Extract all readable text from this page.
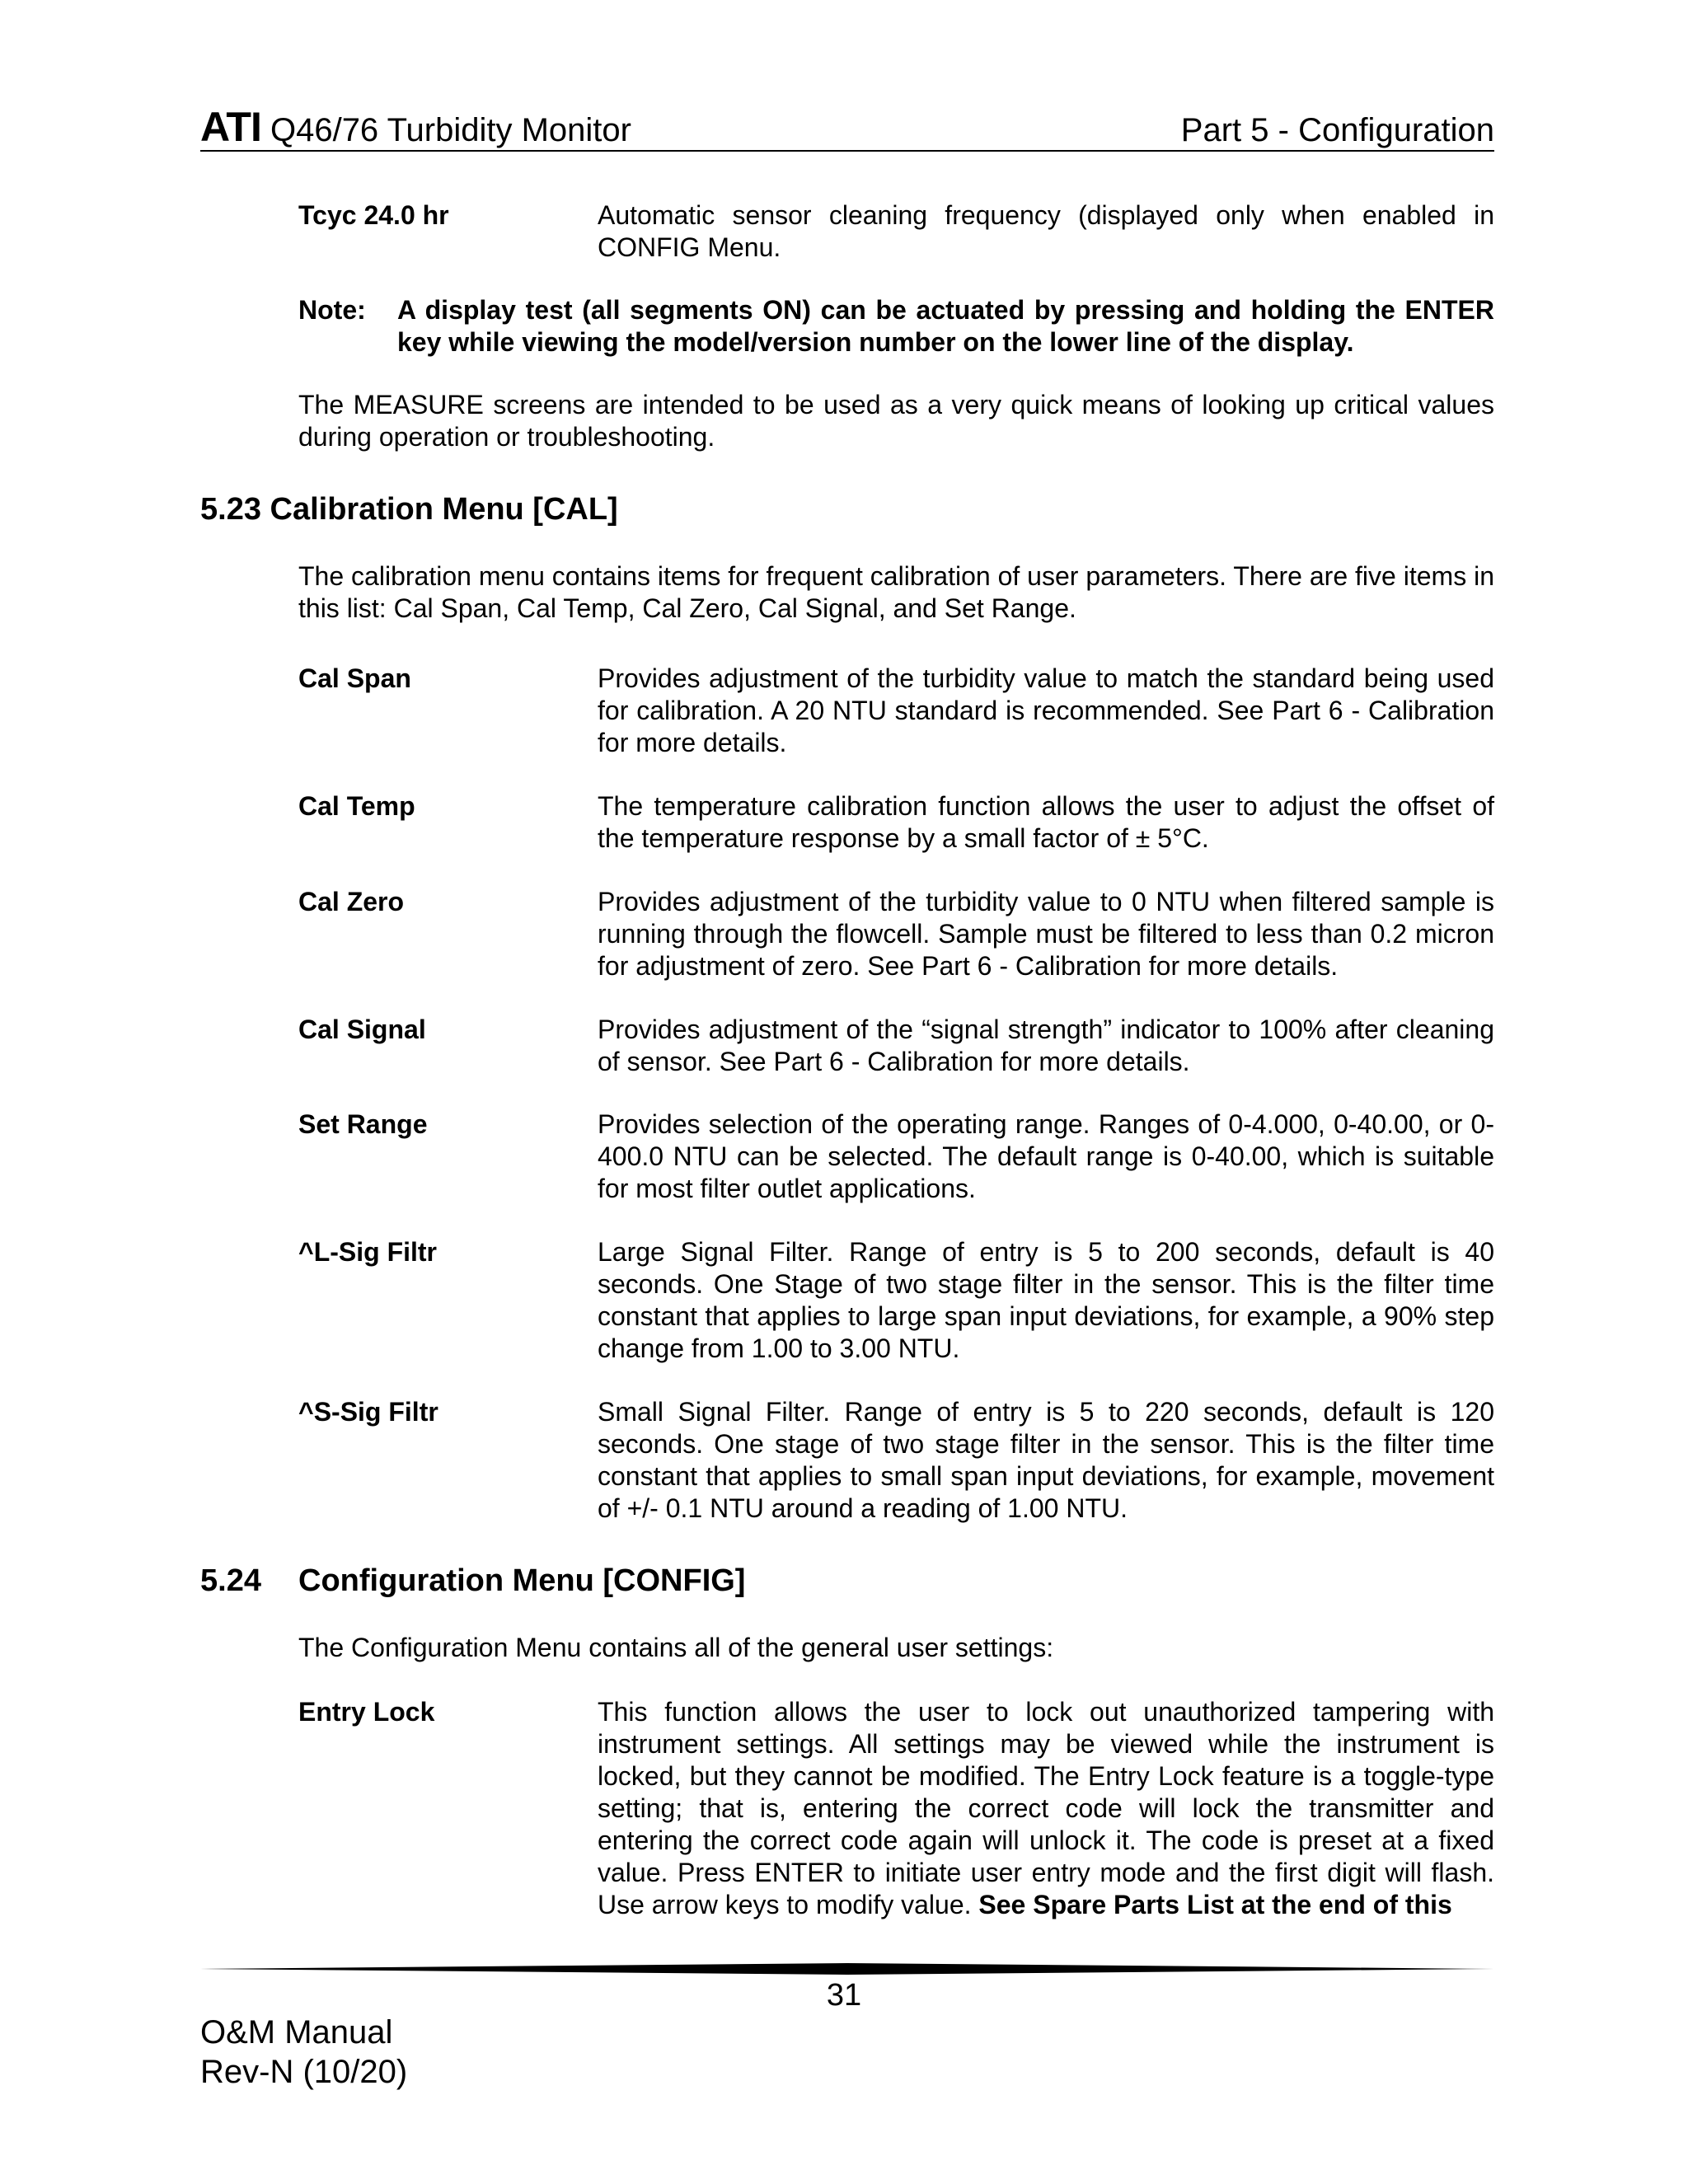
ATI Q46/76 Turbidity Monitor	Part 5 - Configuration
Tcyc 24.0 hr	Automatic sensor cleaning frequency (displayed only when enabled in CONFIG Menu.
Note: A display test (all segments ON) can be actuated by pressing and holding the ENTER key while viewing the model/version number on the lower line of the display.
The MEASURE screens are intended to be used as a very quick means of looking up critical values during operation or troubleshooting.
5.23 Calibration Menu [CAL]
The calibration menu contains items for frequent calibration of user parameters. There are five items in this list: Cal Span, Cal Temp, Cal Zero, Cal Signal, and Set Range.
Cal Span	Provides adjustment of the turbidity value to match the standard being used for calibration. A 20 NTU standard is recommended. See Part 6 - Calibration for more details.
Cal Temp	The temperature calibration function allows the user to adjust the offset of the temperature response by a small factor of ± 5°C.
Cal Zero	Provides adjustment of the turbidity value to 0 NTU when filtered sample is running through the flowcell. Sample must be filtered to less than 0.2 micron for adjustment of zero. See Part 6 - Calibration for more details.
Cal Signal	Provides adjustment of the “signal strength” indicator to 100% after cleaning of sensor. See Part 6 - Calibration for more details.
Set Range	Provides selection of the operating range. Ranges of 0-4.000, 0-40.00, or 0-400.0 NTU can be selected. The default range is 0-40.00, which is suitable for most filter outlet applications.
^L-Sig Filtr	Large Signal Filter. Range of entry is 5 to 200 seconds, default is 40 seconds. One Stage of two stage filter in the sensor. This is the filter time constant that applies to large span input deviations, for example, a 90% step change from 1.00 to 3.00 NTU.
^S-Sig Filtr	Small Signal Filter. Range of entry is 5 to 220 seconds, default is 120 seconds. One stage of two stage filter in the sensor. This is the filter time constant that applies to small span input deviations, for example, movement of +/- 0.1 NTU around a reading of 1.00 NTU.
5.24 Configuration Menu [CONFIG]
The Configuration Menu contains all of the general user settings:
Entry Lock	This function allows the user to lock out unauthorized tampering with instrument settings. All settings may be viewed while the instrument is locked, but they cannot be modified. The Entry Lock feature is a toggle-type setting; that is, entering the correct code will lock the transmitter and entering the correct code again will unlock it. The code is preset at a fixed value. Press ENTER to initiate user entry mode and the first digit will flash. Use arrow keys to modify value. See Spare Parts List at the end of this
31
O&M Manual
Rev-N (10/20)
